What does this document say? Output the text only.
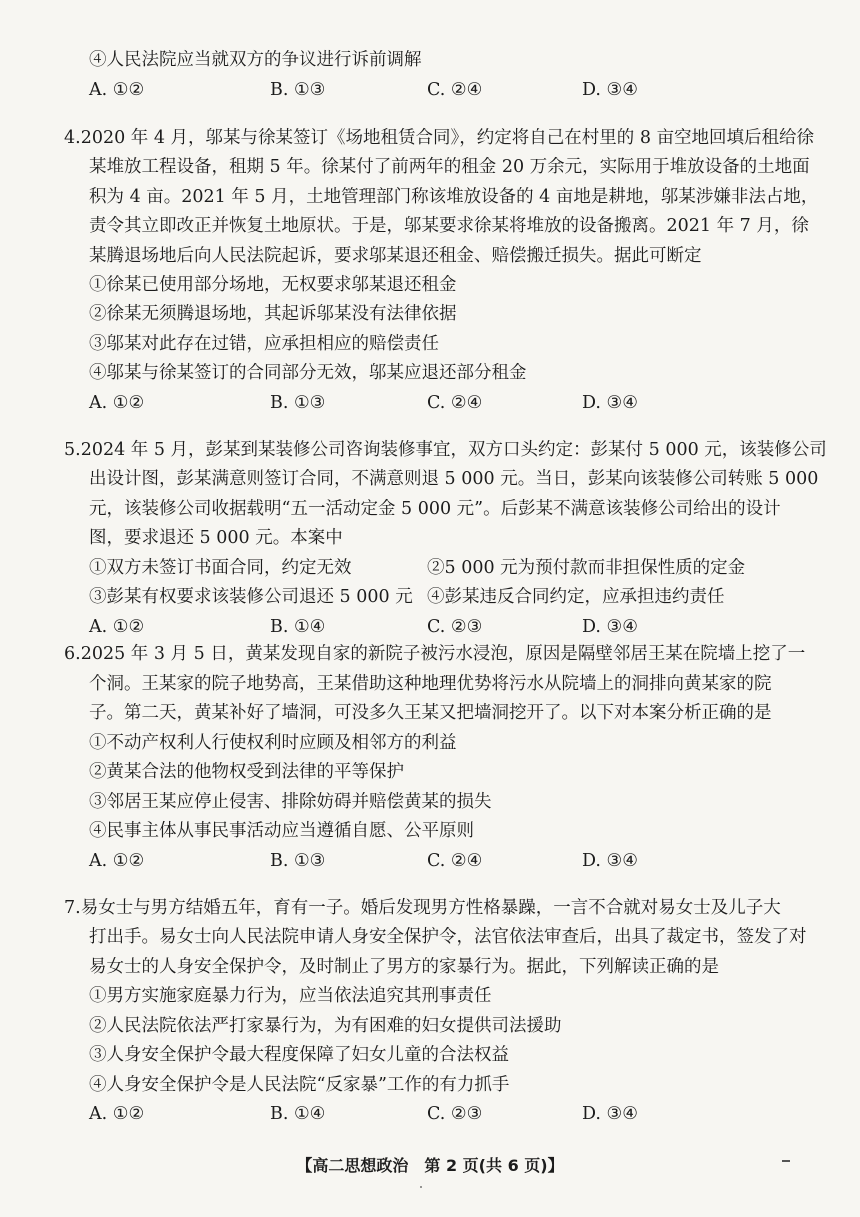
④人民法院应当就双方的争议进行诉前调解
4.2020 年 4 月，邬某与徐某签订《场地租赁合同》，约定将自己在村里的 8 亩空地回填后租给徐
某堆放工程设备，租期 5 年。徐某付了前两年的租金 20 万余元，实际用于堆放设备的土地面
积为 4 亩。2021 年 5 月，土地管理部门称该堆放设备的 4 亩地是耕地，邬某涉嫌非法占地，
责令其立即改正并恢复土地原状。于是，邬某要求徐某将堆放的设备搬离。2021 年 7 月，徐
某腾退场地后向人民法院起诉，要求邬某退还租金、赔偿搬迁损失。据此可断定
①徐某已使用部分场地，无权要求邬某退还租金
②徐某无须腾退场地，其起诉邬某没有法律依据
③邬某对此存在过错，应承担相应的赔偿责任
④邬某与徐某签订的合同部分无效，邬某应退还部分租金
5.2024 年 5 月，彭某到某装修公司咨询装修事宜，双方口头约定：彭某付 5 000 元，该装修公司
出设计图，彭某满意则签订合同，不满意则退 5 000 元。当日，彭某向该装修公司转账 5 000
元，该装修公司收据载明“五一活动定金 5 000 元”。后彭某不满意该装修公司给出的设计
图，要求退还 5 000 元。本案中
6.2025 年 3 月 5 日，黄某发现自家的新院子被污水浸泡，原因是隔壁邻居王某在院墙上挖了一
个洞。王某家的院子地势高，王某借助这种地理优势将污水从院墙上的洞排向黄某家的院
子。第二天，黄某补好了墙洞，可没多久王某又把墙洞挖开了。以下对本案分析正确的是
①不动产权利人行使权利时应顾及相邻方的利益
②黄某合法的他物权受到法律的平等保护
③邻居王某应停止侵害、排除妨碍并赔偿黄某的损失
④民事主体从事民事活动应当遵循自愿、公平原则
7.易女士与男方结婚五年，育有一子。婚后发现男方性格暴躁，一言不合就对易女士及儿子大
打出手。易女士向人民法院申请人身安全保护令，法官依法审查后，出具了裁定书，签发了对
易女士的人身安全保护令，及时制止了男方的家暴行为。据此，下列解读正确的是
①男方实施家庭暴力行为，应当依法追究其刑事责任
②人民法院依法严打家暴行为，为有困难的妇女提供司法援助
③人身安全保护令最大程度保障了妇女儿童的合法权益
④人身安全保护令是人民法院“反家暴”工作的有力抓手
A. ①②	B. ①③	C. ②④	D. ③④
A. ①②	B. ①③	C. ②④	D. ③④
①双方未签订书面合同，约定无效	②5 000 元为预付款而非担保性质的定金
③彭某有权要求该装修公司退还 5 000 元 ④彭某违反合同约定，应承担违约责任
A. ①②	B. ①④	C. ②③	D. ③④
A. ①②	B. ①③	C. ②④	D. ③④
A. ①②	B. ①④	C. ②③	D. ③④
【高二思想政治　第 2 页(共 6 页)】
